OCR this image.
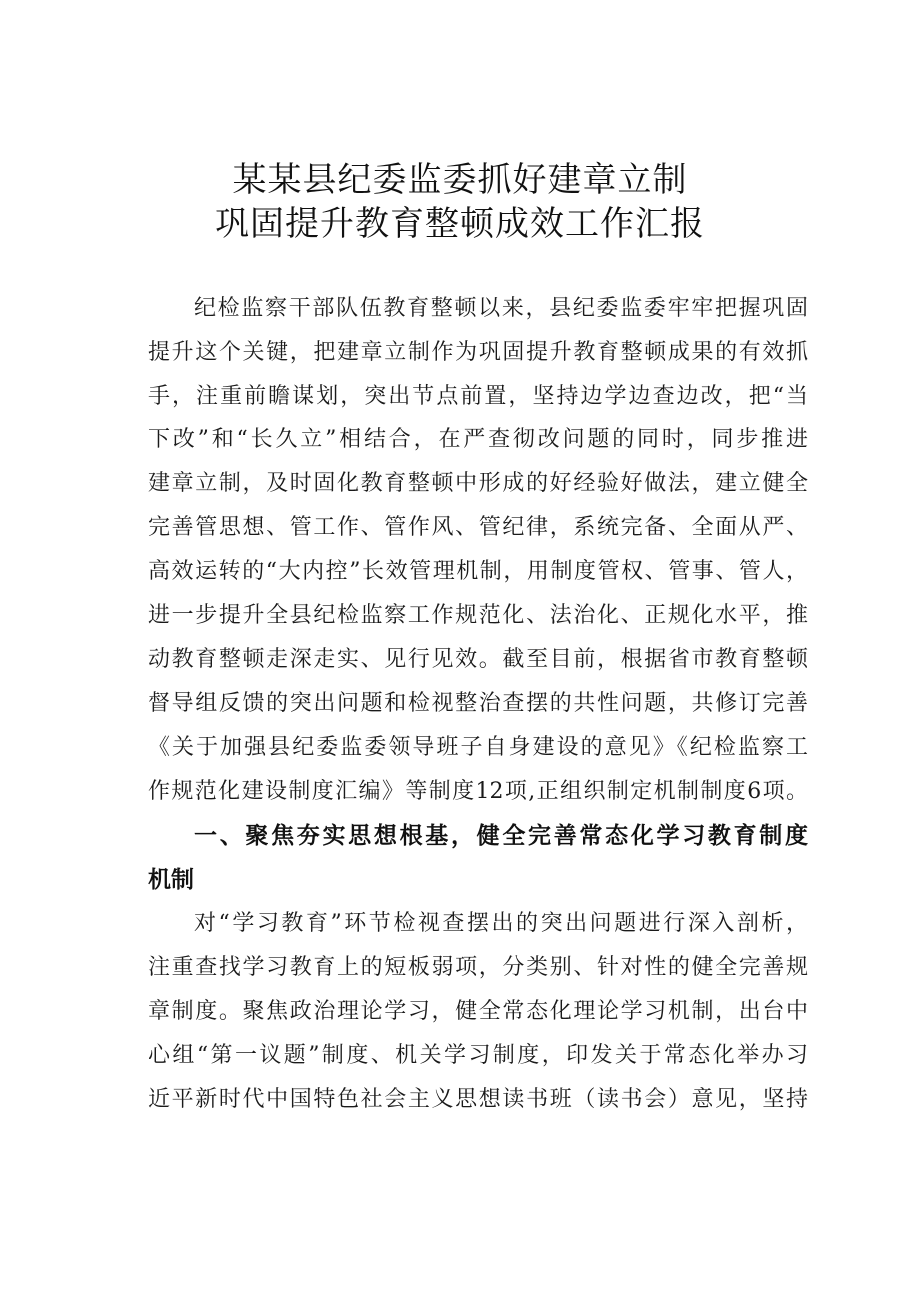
某某县纪委监委抓好建章立制
巩固提升教育整顿成效工作汇报
纪检监察干部队伍教育整顿以来，县纪委监委牢牢把握巩固
提升这个关键，把建章立制作为巩固提升教育整顿成果的有效抓
手，注重前瞻谋划，突出节点前置，坚持边学边查边改，把“当
下改”和“长久立”相结合，在严查彻改问题的同时，同步推进
建章立制，及时固化教育整顿中形成的好经验好做法，建立健全
完善管思想、管工作、管作风、管纪律，系统完备、全面从严、
高效运转的“大内控”长效管理机制，用制度管权、管事、管人，
进一步提升全县纪检监察工作规范化、法治化、正规化水平，推
动教育整顿走深走实、见行见效。截至目前，根据省市教育整顿
督导组反馈的突出问题和检视整治查摆的共性问题，共修订完善
《关于加强县纪委监委领导班子自身建设的意见》《纪检监察工
作规范化建设制度汇编》等制度12项,正组织制定机制制度6项。
一、聚焦夯实思想根基，健全完善常态化学习教育制度
机制
对“学习教育”环节检视查摆出的突出问题进行深入剖析，
注重查找学习教育上的短板弱项，分类别、针对性的健全完善规
章制度。聚焦政治理论学习，健全常态化理论学习机制，出台中
心组“第一议题”制度、机关学习制度，印发关于常态化举办习
近平新时代中国特色社会主义思想读书班（读书会）意见，坚持
